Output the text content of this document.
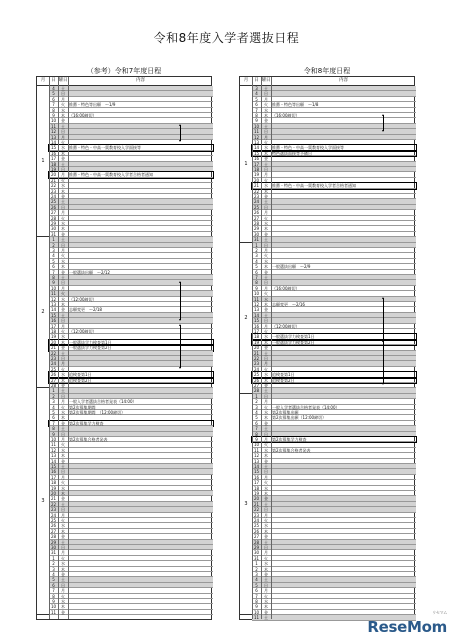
令和8年度入学者選抜日程
（参考）令和7年度日程	令和8年度日程
月	日 曜日	内容
4	土
5	日
6	月
7	火	推薦・特色等出願　～1/9
8	水
9	木	（16:00締切）
10	金
11	土
12	日
13	月
14	火
15	水	推薦・特色・中高一貫教育校入学面接等
16	木
17	金
18	土
19	日
20	月	推薦・特色・中高一貫教育校入学者合格者通知
21	火
22	水
23	木
24	金
25	土
26	日
27	月
28	火
29	水
30	木
31	金
1	土
2	日
3	月
4	火
5	水
6	木
7	金	一般選抜出願　～2/12
8	土
9	日
10	月
11	火
12	水	（12:00締切）
13	木
14	金	志願変更　～2/18
15	土
16	日
17	月
18	火	（12:00締切）
19	水
20	木	一般選抜学力検査第1日
21	金	一般選抜学力検査第2日
22	土
23	日
24	月
25	火
26	水	追検査第1日
27	木	追検査第2日
28	金
1	土
2	日
3	月	一般入学者選抜合格者発表（14:00）
4	火	第2次募集期間
5	水	第2次募集期間　（12:00締切）
6	木
7	金	第2次募集学力検査
8	土
9	日
10	月	第2次募集合格者発表
11	火
12	水
13	木
14	金
15	土
16	日
17	月
18	火
19	水
20	木
21	金
22	土
23	日
24	月
25	火
26	水
27	木
28	金
29	土
30	日
31	月
1	火
2	水
3	木
4	金
5	土
6	日
7	月
8	火
9	水
10	木
11	金
1
2
3
月	日 曜日	内容
3	土
4	日
5	月
6	火	推薦・特色等出願　～1/8
7	水
8	木	（16:00締切）
9	金
10	土
11	日
12	月
13	火
14	水	推薦・特色・中高一貫教育校入学面接等
15	木	特色選抜面接等予備日
16	金
17	土
18	日
19	月
20	火
21	水	推薦・特色・中高一貫教育校入学者合格者通知
22	木
23	金
24	土
25	日
26	月
27	火
28	水
29	木
30	金
31	土
1	日
2	月
3	火
4	水
5	木	一般選抜出願　～2/9
6	金
7	土
8	日
9	月	（16:00締切）
10	火
11	水
12	木	志願変更　～2/16
13	金
14	土
15	日
16	月	（12:00締切）
17	火
18	水	一般選抜学力検査第1日
19	木	一般選抜学力検査第2日
20	金
21	土
22	日
23	月
24	火
25	水	追検査第1日
26	木	追検査第2日
27	金
28	土
1	日
2	月
3	火	一般入学者選抜合格者発表（14:00）
4	水	第2次募集出願
5	木	第2次募集出願（12:00締切）
6	金
7	土
8	日
9	月	第2次募集学力検査
10	火
11	水	第2次募集合格者発表
12	木
13	金
14	土
15	日
16	月
17	火
18	水
19	木
20	金
21	土
22	日
23	月
24	火
25	水
26	木
27	金
28	土
29	日
30	月
31	火
1	水
2	木
3	金
4	土
5	日
6	月
7	火
8	水
9	木
10	金
11	土
1
2
3
リセマム
ReseMom
